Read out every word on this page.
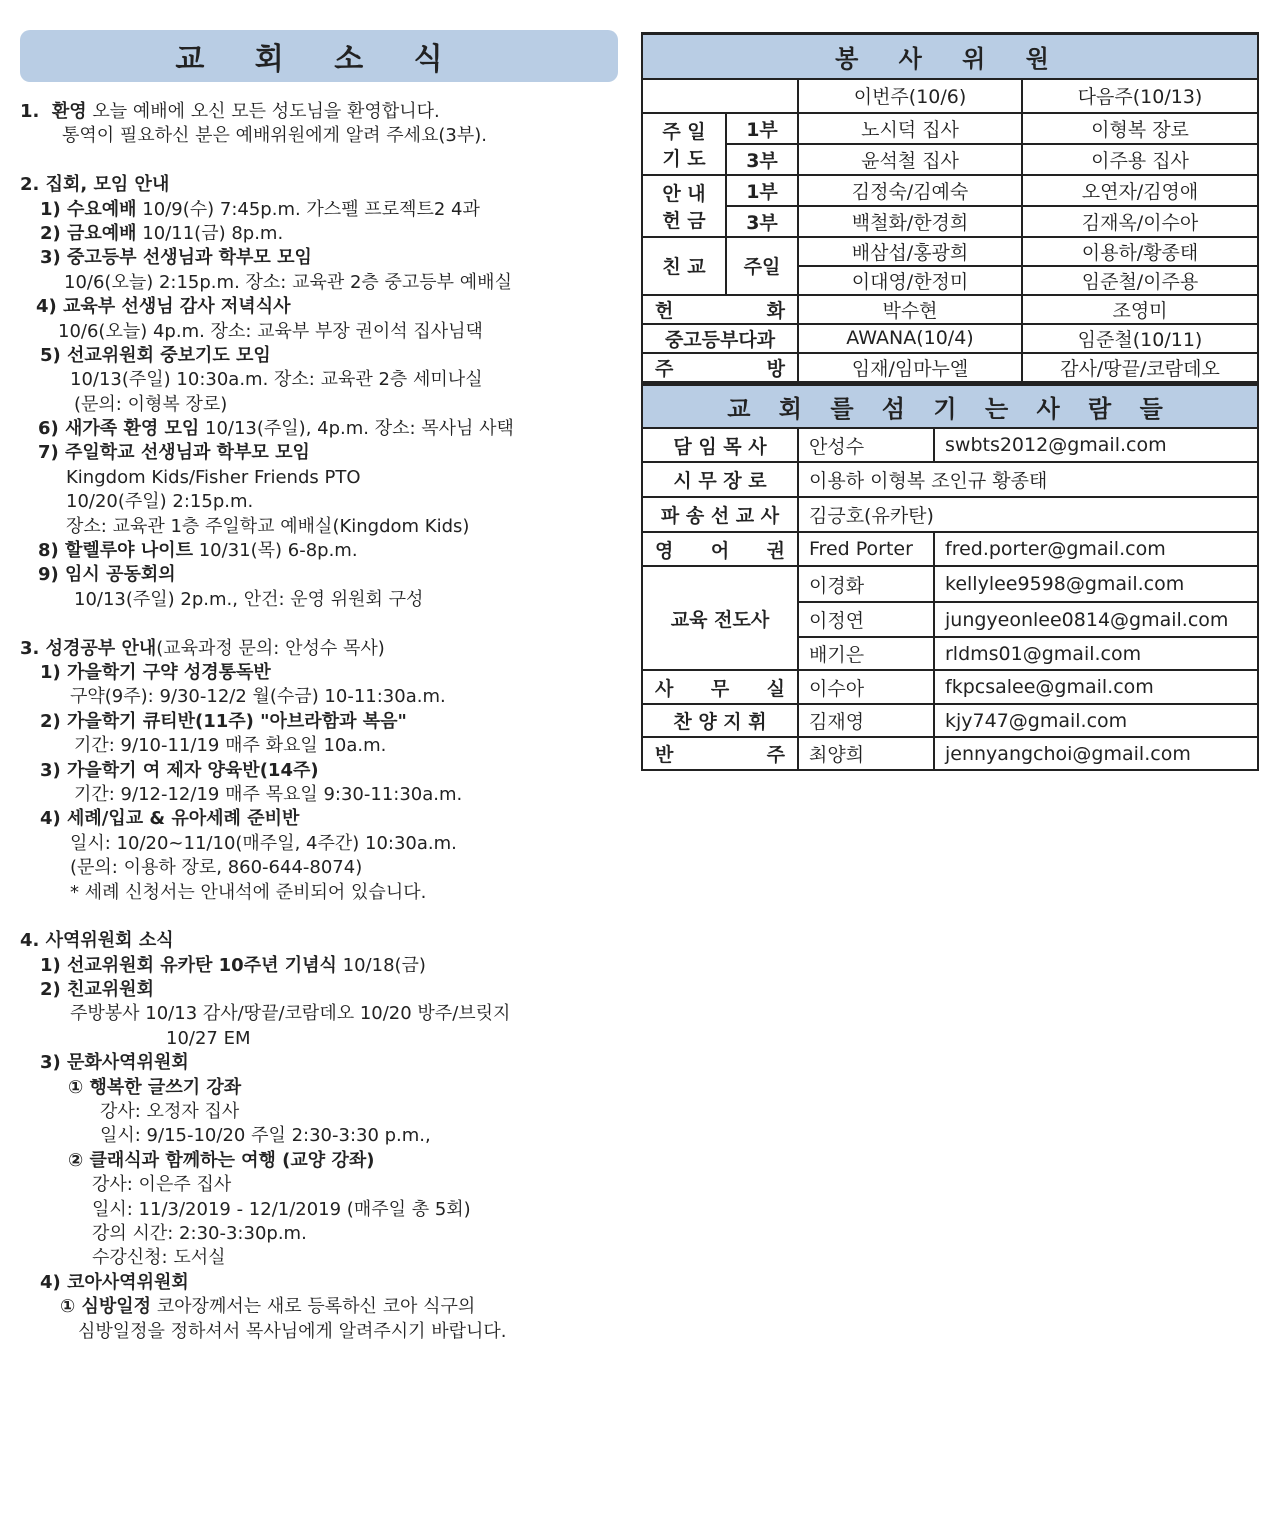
교 회 소 식
1.  환영 오늘 예배에 오신 모든 성도님을 환영합니다.
통역이 필요하신 분은 예배위원에게 알려 주세요(3부).
2. 집회, 모임 안내
1) 수요예배 10/9(수) 7:45p.m. 가스펠 프로젝트2 4과
2) 금요예배 10/11(금) 8p.m.
3) 중고등부 선생님과 학부모 모임
10/6(오늘) 2:15p.m. 장소: 교육관 2층 중고등부 예배실
4) 교육부 선생님 감사 저녁식사
10/6(오늘) 4p.m. 장소: 교육부 부장 권이석 집사님댁
5) 선교위원회 중보기도 모임
10/13(주일) 10:30a.m. 장소: 교육관 2층 세미나실
(문의: 이형복 장로)
6) 새가족 환영 모임 10/13(주일), 4p.m. 장소: 목사님 사택
7) 주일학교 선생님과 학부모 모임
Kingdom Kids/Fisher Friends PTO
10/20(주일) 2:15p.m.
장소: 교육관 1층 주일학교 예배실(Kingdom Kids)
8) 할렐루야 나이트 10/31(목) 6-8p.m.
9) 임시 공동회의
10/13(주일) 2p.m., 안건: 운영 위원회 구성
3. 성경공부 안내(교육과정 문의: 안성수 목사)
1) 가을학기 구약 성경통독반
구약(9주): 9/30-12/2 월(수금) 10-11:30a.m.
2) 가을학기 큐티반(11주) "아브라함과 복음"
기간: 9/10-11/19 매주 화요일 10a.m.
3) 가을학기 여 제자 양육반(14주)
기간: 9/12-12/19 매주 목요일 9:30-11:30a.m.
4) 세례/입교 & 유아세례 준비반
일시: 10/20~11/10(매주일, 4주간) 10:30a.m.
(문의: 이용하 장로, 860-644-8074)
* 세례 신청서는 안내석에 준비되어 있습니다.
4. 사역위원회 소식
1) 선교위원회 유카탄 10주년 기념식 10/18(금)
2) 친교위원회
주방봉사 10/13 감사/땅끝/코람데오 10/20 방주/브릿지
10/27 EM
3) 문화사역위원회
① 행복한 글쓰기 강좌
강사: 오정자 집사
일시: 9/15-10/20 주일 2:30-3:30 p.m.,
② 클래식과 함께하는 여행 (교양 강좌)
강사: 이은주 집사
일시: 11/3/2019 - 12/1/2019 (매주일 총 5회)
강의 시간: 2:30-3:30p.m.
수강신청: 도서실
4) 코아사역위원회
① 심방일정 코아장께서는 새로 등록하신 코아 식구의
심방일정을 정하셔서 목사님에게 알려주시기 바랍니다.
봉 사 위 원			
		이번주(10/6)	다음주(10/13)

주 일
기 도	1부	노시덕 집사	이형복 장로
	3부	윤석철 집사	이주용 집사

안 내
헌 금	1부	김정숙/김예숙	오연자/김영애
	3부	백철화/한경희	김재옥/이수아
친 교	주일	배삼섭/홍광희	이용하/황종태
		이대영/한정미	임준철/이주용

헌 화		박수현	조영미
중고등부다과		AWANA(10/4)	임준철(10/11)

주 방		임재/임마누엘	감사/땅끝/코람데오
교 회 를 섬 기 는 사 람 들		
담 임 목 사	안성수	swbts2012@gmail.com
시 무 장 로	이용하 이형복 조인규 황종태	
파 송 선 교 사	김긍호(유카탄)	

영 어 권	Fred Porter	fred.porter@gmail.com
교육 전도사	이경화	kellylee9598@gmail.com
	이정연	jungyeonlee0814@gmail.com
	배기은	rldms01@gmail.com

사 무 실	이수아	fkpcsalee@gmail.com
찬 양 지 휘	김재영	kjy747@gmail.com

반 주	최양희	jennyangchoi@gmail.com
